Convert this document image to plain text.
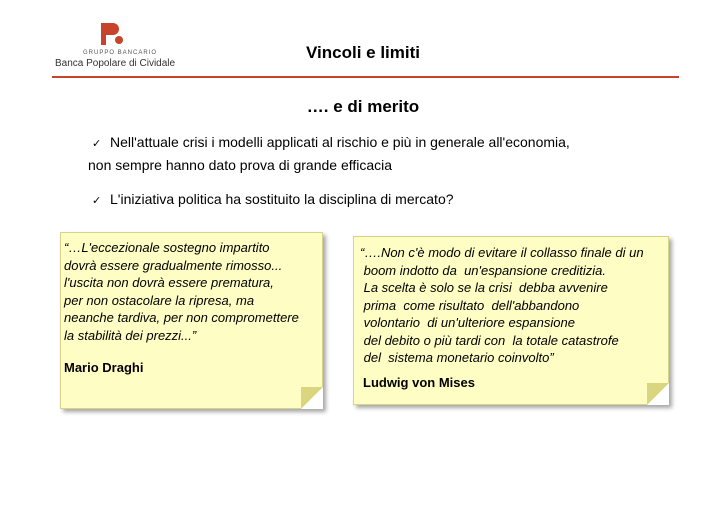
GRUPPO BANCARIO
Banca Popolare di Cividale
Vincoli e limiti
…. e di merito
✓ Nell'attuale crisi i modelli applicati al rischio e più in generale all'economia,
non sempre hanno dato prova di grande efficacia
✓ L'iniziativa politica ha sostituito la disciplina di mercato?
“…L'eccezionale sostegno impartito
dovrà essere gradualmente rimosso...
l'uscita non dovrà essere prematura,
per non ostacolare la ripresa, ma
neanche tardiva, per non compromettere
la stabilità dei prezzi...”
Mario Draghi
“….Non c'è modo di evitare il collasso finale di un
boom indotto da  un'espansione creditizia.
La scelta è solo se la crisi  debba avvenire
prima  come risultato  dell'abbandono
volontario  di un'ulteriore espansione
del debito o più tardi con  la totale catastrofe
del  sistema monetario coinvolto”
Ludwig von Mises
